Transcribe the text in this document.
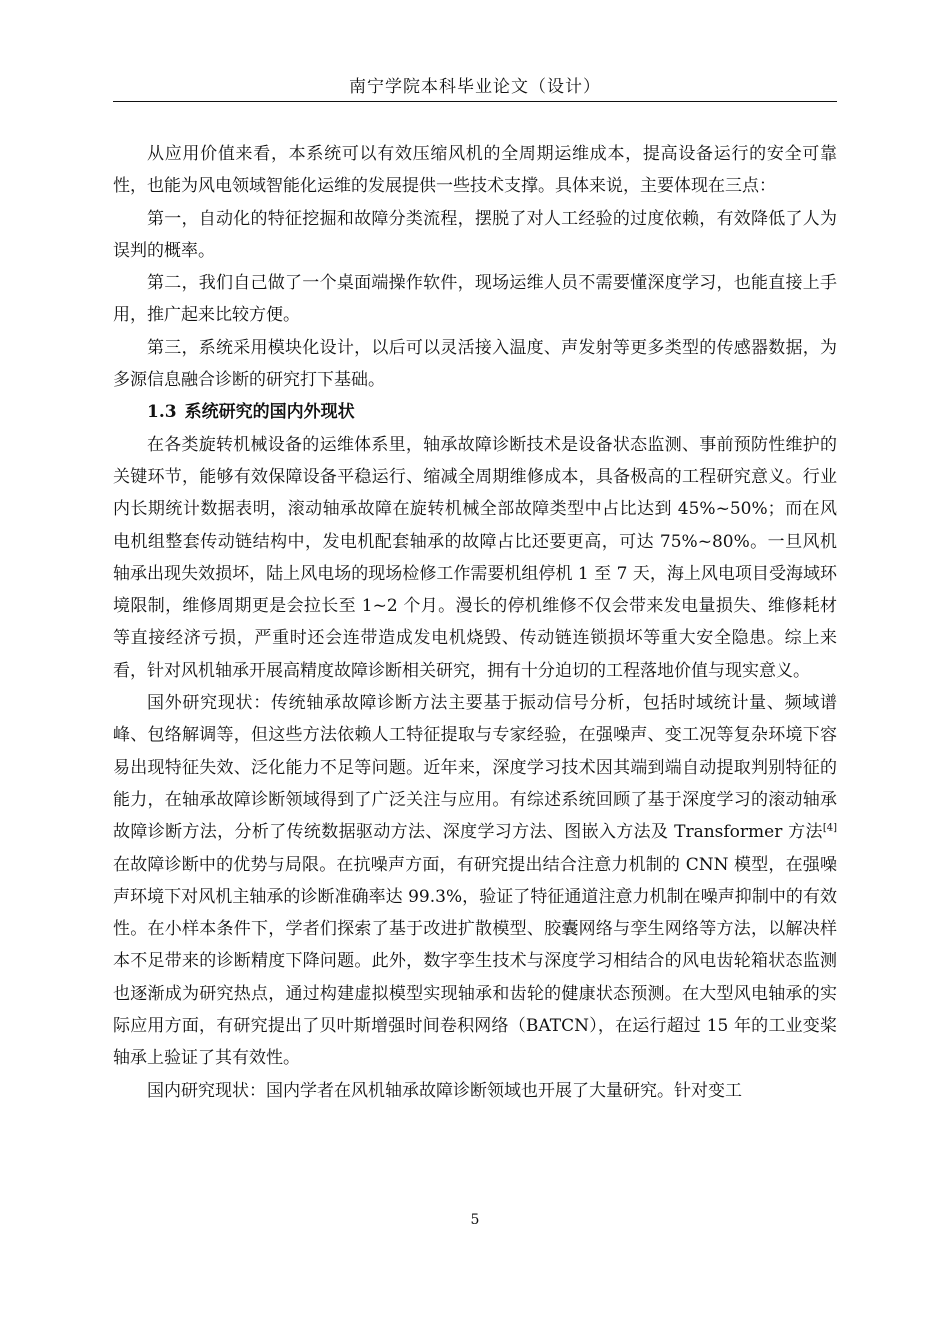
南宁学院本科毕业论文（设计）

从应用价值来看，本系统可以有效压缩风机的全周期运维成本，提高设备运行的安全可靠性，也能为风电领域智能化运维的发展提供一些技术支撑。具体来说，主要体现在三点：

第一，自动化的特征挖掘和故障分类流程，摆脱了对人工经验的过度依赖，有效降低了人为误判的概率。

第二，我们自己做了一个桌面端操作软件，现场运维人员不需要懂深度学习，也能直接上手用，推广起来比较方便。

第三，系统采用模块化设计，以后可以灵活接入温度、声发射等更多类型的传感器数据，为多源信息融合诊断的研究打下基础。

1.3 系统研究的国内外现状

在各类旋转机械设备的运维体系里，轴承故障诊断技术是设备状态监测、事前预防性维护的关键环节，能够有效保障设备平稳运行、缩减全周期维修成本，具备极高的工程研究意义。行业内长期统计数据表明，滚动轴承故障在旋转机械全部故障类型中占比达到 45%~50%；而在风电机组整套传动链结构中，发电机配套轴承的故障占比还要更高，可达 75%~80%。一旦风机轴承出现失效损坏，陆上风电场的现场检修工作需要机组停机 1 至 7 天，海上风电项目受海域环境限制，维修周期更是会拉长至 1~2 个月。漫长的停机维修不仅会带来发电量损失、维修耗材等直接经济亏损，严重时还会连带造成发电机烧毁、传动链连锁损坏等重大安全隐患。综上来看，针对风机轴承开展高精度故障诊断相关研究，拥有十分迫切的工程落地价值与现实意义。

国外研究现状：传统轴承故障诊断方法主要基于振动信号分析，包括时域统计量、频域谱峰、包络解调等，但这些方法依赖人工特征提取与专家经验，在强噪声、变工况等复杂环境下容易出现特征失效、泛化能力不足等问题。近年来，深度学习技术因其端到端自动提取判别特征的能力，在轴承故障诊断领域得到了广泛关注与应用。有综述系统回顾了基于深度学习的滚动轴承故障诊断方法，分析了传统数据驱动方法、深度学习方法、图嵌入方法及 Transformer 方法[4]在故障诊断中的优势与局限。在抗噪声方面，有研究提出结合注意力机制的 CNN 模型，在强噪声环境下对风机主轴承的诊断准确率达 99.3%，验证了特征通道注意力机制在噪声抑制中的有效性。在小样本条件下，学者们探索了基于改进扩散模型、胶囊网络与孪生网络等方法，以解决样本不足带来的诊断精度下降问题。此外，数字孪生技术与深度学习相结合的风电齿轮箱状态监测也逐渐成为研究热点，通过构建虚拟模型实现轴承和齿轮的健康状态预测。在大型风电轴承的实际应用方面，有研究提出了贝叶斯增强时间卷积网络（BATCN），在运行超过 15 年的工业变桨轴承上验证了其有效性。

国内研究现状：国内学者在风机轴承故障诊断领域也开展了大量研究。针对变工

5
